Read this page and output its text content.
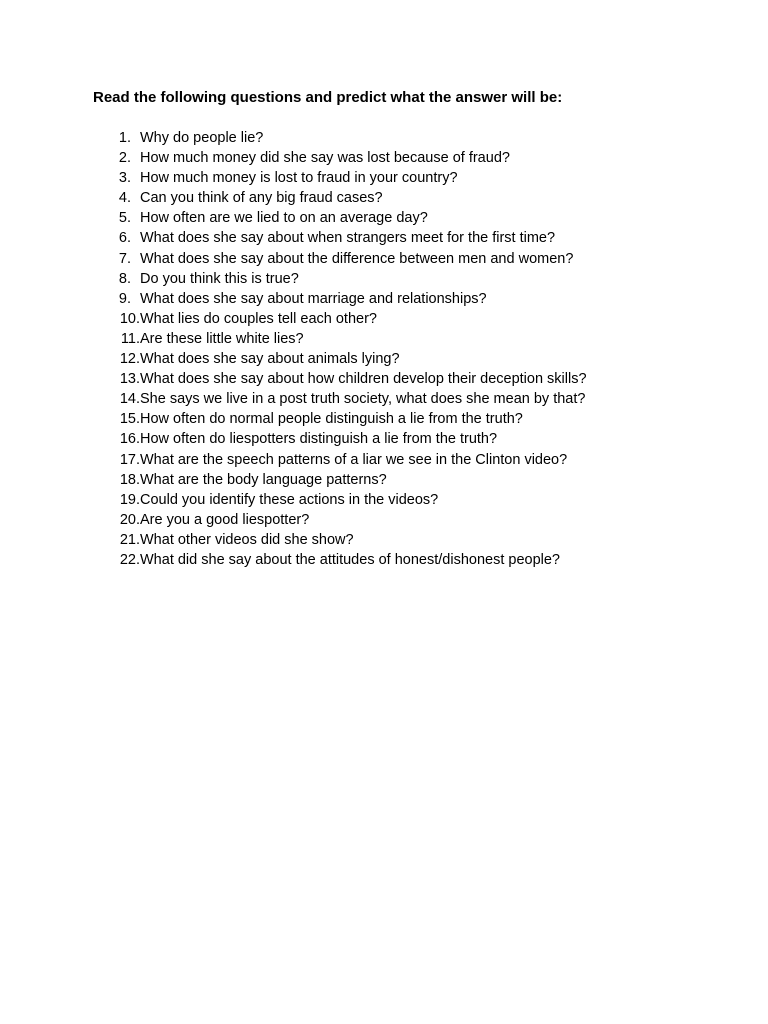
Read the following questions and predict what the answer will be:
1. Why do people lie?
2. How much money did she say was lost because of fraud?
3. How much money is lost to fraud in your country?
4. Can you think of any big fraud cases?
5. How often are we lied to on an average day?
6. What does she say about when strangers meet for the first time?
7. What does she say about the difference between men and women?
8. Do you think this is true?
9. What does she say about marriage and relationships?
10. What lies do couples tell each other?
11. Are these little white lies?
12. What does she say about animals lying?
13. What does she say about how children develop their deception skills?
14. She says we live in a post truth society, what does she mean by that?
15. How often do normal people distinguish a lie from the truth?
16. How often do liespotters distinguish a lie from the truth?
17. What are the speech patterns of a liar we see in the Clinton video?
18. What are the body language patterns?
19. Could you identify these actions in the videos?
20. Are you a good liespotter?
21. What other videos did she show?
22. What did she say about the attitudes of honest/dishonest people?
